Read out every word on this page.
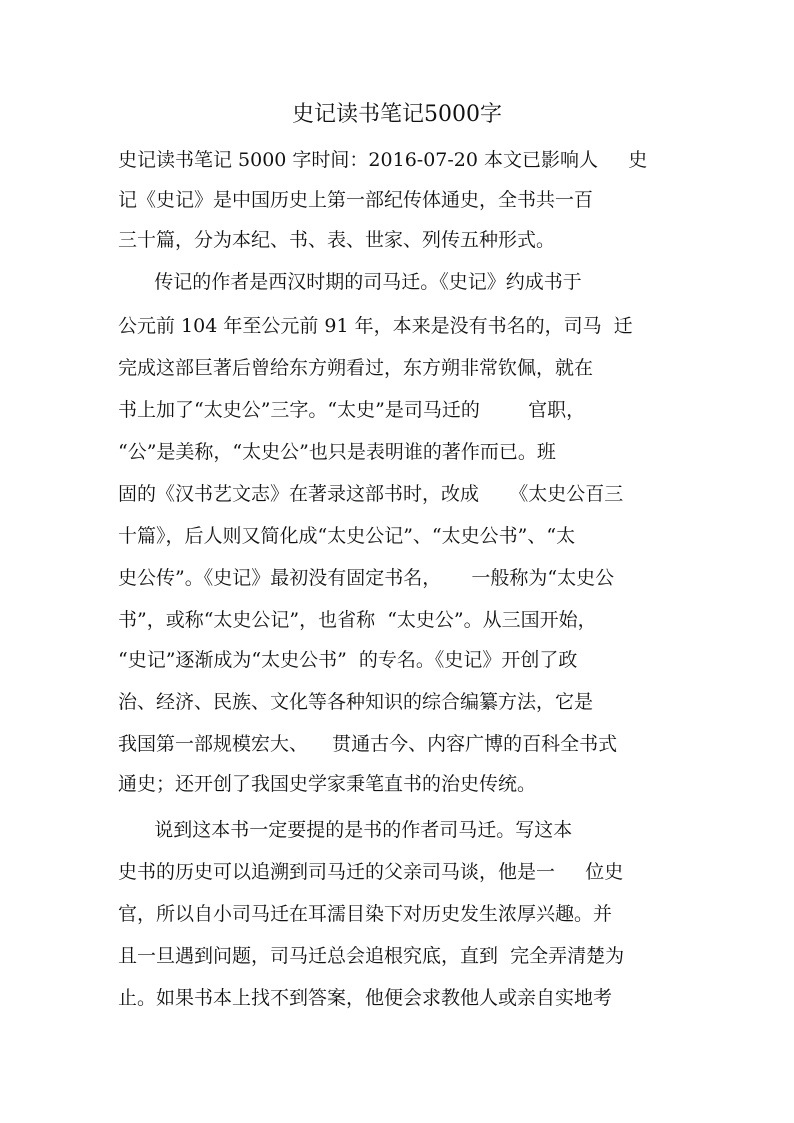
史记读书笔记5000字

史记读书笔记 5000 字时间：2016-07-20 本文已影响人     史

记《史记》是中国历史上第一部纪传体通史，全书共一百

三十篇，分为本纪、书、表、世家、列传五种形式。

传记的作者是西汉时期的司马迁。《史记》约成书于

公元前 104 年至公元前 91 年，本来是没有书名的，司马  迁

完成这部巨著后曾给东方朔看过，东方朔非常钦佩，就在

书上加了“太史公”三字。“太史”是司马迁的        官职，

“公”是美称，“太史公”也只是表明谁的著作而已。班

固的《汉书艺文志》在著录这部书时，改成     《太史公百三

十篇》，后人则又简化成“太史公记”、“太史公书”、“太

史公传”。《史记》最初没有固定书名，     一般称为“太史公

书”，或称“太史公记”，也省称  “太史公”。从三国开始，

“史记”逐渐成为“太史公书”  的专名。《史记》开创了政

治、经济、民族、文化等各种知识的综合编纂方法，它是

我国第一部规模宏大、    贯通古今、内容广博的百科全书式

通史；还开创了我国史学家秉笔直书的治史传统。

说到这本书一定要提的是书的作者司马迁。写这本

史书的历史可以追溯到司马迁的父亲司马谈，他是一     位史

官，所以自小司马迁在耳濡目染下对历史发生浓厚兴趣。并

且一旦遇到问题，司马迁总会追根究底，直到  完全弄清楚为

止。如果书本上找不到答案，他便会求教他人或亲自实地考
